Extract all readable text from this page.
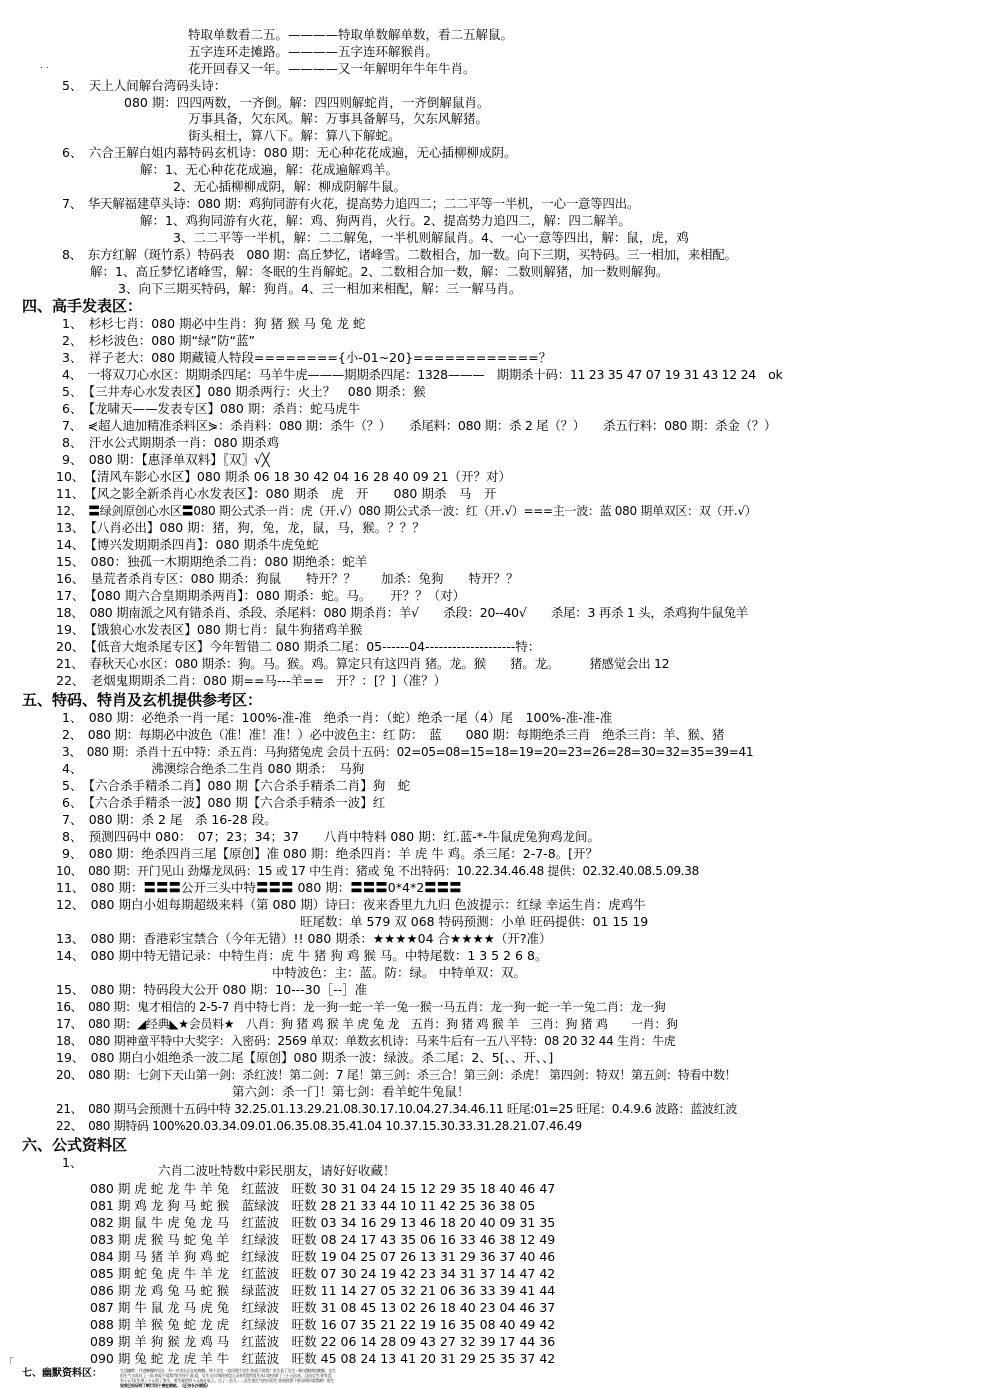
. .
特取单数看二五。————特取单数解单数，看二五解鼠。
五字连环走摊路。————五字连环解猴肖。
花开回春又一年。————又一年解明年牛年牛肖。
5、　天上人间解台湾码头诗：
080 期：四四两数，一齐倒。解：四四则解蛇肖，一齐倒解鼠肖。
万事具备，欠东风。解：万事具备解马，欠东风解猪。
街头相士，算八下。解：算八下解蛇。
6、　六合王解白姐内幕特码玄机诗：080 期：无心种花花成遍，无心插柳柳成阴。
解：1、无心种花花成遍，解：花成遍解鸡羊。
2、无心插柳柳成阴，解：柳成阴解牛鼠。
7、　华天解福建草头诗：080 期：鸡狗同游有火花，提高势力追四二；二二平等一半机，一心一意等四出。
解：1、鸡狗同游有火花，解：鸡、狗两肖，火行。2、提高势力追四二，解：四二解羊。
3、二二平等一半机，解：二二解兔，一半机则解鼠肖。4、一心一意等四出，解：鼠，虎，鸡
8、　东方红解（斑竹系）特码表　080 期：高丘梦忆，诸峰雪。二数相合，加一数。向下三期，买特码。三一相加，来相配。
解：1、高丘梦忆诸峰雪，解：冬眠的生肖解蛇。2、二数相合加一数，解：二数则解猪，加一数则解狗。
3、向下三期买特码，解：狗肖。4、三一相加来相配，解：三一解马肖。
四、高手发表区：
1、　杉杉七肖：080 期必中生肖：狗 猪 猴 马 兔 龙 蛇
2、　杉杉波色：080 期“绿”防“蓝”
3、　祥子老大：080 期藏镜人特段========{小-01~20}============？
4、　一将双刀心水区：期期杀四尾：马羊牛虎———期期杀四尾：1328———　期期杀十码：11 23 35 47 07 19 31 43 12 24　ok
5、　【三井寿心水发表区】080 期杀两行：火土？　080 期杀：猴
6、　【龙啸天——发表专区】080 期：杀肖：蛇马虎牛
7、　⋞超人迪加精准杀料区⋟：杀肖料：080 期：杀牛（？）　　杀尾料：080 期：杀 2 尾（？）　　杀五行料：080 期：杀金（？）
8、　汗水公式期期杀一肖：080 期杀鸡
9、　080 期：【惠泽单双料】〖双〗√╳
10、　【清风车影心水区】080 期杀 06 18 30 42 04 16 28 40 09 21（开？对）
11、　【风之影全新杀肖心水发表区】：080 期杀　虎　开　　080 期杀　马　开
12、　〓绿剑原创心水区〓080 期公式杀一肖：虎（开.√）080 期公式杀一波：红（开.√）===主一波：蓝 080 期单双区：双（开.√）
13、　【八肖必出】080 期：猪，狗，兔，龙，鼠，马，猴。？？？
14、　【博兴发期期杀四肖】：080 期杀牛虎兔蛇
15、　080：独孤一木期期绝杀二肖：080 期绝杀：蛇羊
16、　垦荒者杀肖专区：080 期杀：狗鼠　　特开？？　　加杀：兔狗　　特开？？
17、　【080 期六合皇期期杀两肖】：080 期杀：蛇。马。　　开？？（对）
18、　080 期南派之风有错杀肖、杀段、杀尾料：080 期杀肖：羊√　　杀段：20--40√　　杀尾：3 再杀 1 头，杀鸡狗牛鼠兔羊
19、　【饿狼心水发表区】080 期七肖：鼠牛狗猪鸡羊猴
20、　【低音大炮杀尾专区】今年暂错二 080 期杀二尾：05------04--------------------特：
21、　春秋天心水区：080 期杀：狗。马。猴。鸡。算定只有这四肖 猪。龙。猴　　猪。龙。　　　猪感觉会出 12
22、　老烟鬼期期杀二肖：080 期==马---羊==　开？：[？]（准？）
五、特码、特肖及玄机提供参考区：
1、　080 期：必绝杀一肖一尾：100%-准-准　绝杀一肖：（蛇）绝杀一尾（4）尾　100%-准-准-准
2、　080 期：每期必中波色（准！准！准！）必中波色主：红 防：　蓝　　080 期：每期绝杀三肖　绝杀三肖：羊、猴、猪
3、　080 期：杀肖十五中特：杀五肖：马狗猪兔虎 会员十五码：02=05=08=15=18=19=20=23=26=28=30=32=35=39=41
4、　　　　　　沸澳综合绝杀二生肖 080 期杀：　马狗
5、　【六合杀手精杀二肖】080 期【六合杀手精杀二肖】狗　蛇
6、　【六合杀手精杀一波】080 期【六合杀手精杀一波】红
7、　080 期：杀 2 尾　杀 16-28 段。
8、　预测四码中 080：　07；23；34；37　　八肖中特料 080 期：红.蓝-*-牛鼠虎兔狗鸡龙间。
9、　080 期：绝杀四肖三尾【原创】准 080 期：绝杀四肖：羊 虎 牛 鸡。杀三尾：2-7-8。[开？
10、　080 期：开门见山 劲爆龙凤码：15 或 17 中生肖：猪或 兔 不出特码：10.22.34.46.48 提供：02.32.40.08.5.09.38
11、　080 期：〓〓〓公开三头中特〓〓〓 080 期：〓〓〓0*4*2〓〓〓
12、　080 期白小姐每期超级来料（第 080 期）诗曰：夜来香里九九归 色波提示：红绿 幸运生肖：虎鸡牛
旺尾数：单 579 双 068 特码预测：小单 旺码提供：01 15 19
13、　080 期：香港彩宝禁合（今年无错）!! 080 期杀：★★★★04 合★★★★（开?准）
14、　080 期中特无错记录：中特生肖：虎 牛 猪 狗 鸡 猴 马。中特尾数：1 3 5 2 6 8。
中特波色：主：蓝。防：绿。 中特单双：双。
15、　080 期：特码段大公开 080 期：10---30［--］准
16、　080 期：鬼才相信的 2-5-7 肖中特七肖：龙一狗一蛇一羊一兔一猴一马五肖：龙一狗一蛇一羊一兔二肖：龙一狗
17、　080 期：◢经典◣★会员料★　八肖：狗 猪 鸡 猴 羊 虎 兔 龙　五肖：狗 猪 鸡 猴 羊　三肖：狗 猪 鸡　　一肖：狗
18、　080 期神童平特中大奖字：入密码：2569 单双：单数玄机诗：马来牛后有一五八平特：08 20 32 44 生肖：牛虎
19、　080 期白小姐绝杀一波二尾【原创】080 期杀一波：绿波。杀二尾：2、5[、、开、、]
20、　080 期：七剑下天山第一剑：杀红波！第二剑：7 尾！第三剑：杀三合！第三剑：杀虎！ 第四剑：特双！第五剑：特看中数！
第六剑：杀一门！第七剑：看羊蛇牛兔鼠！
21、　080 期马会预测十五码中特 32.25.01.13.29.21.08.30.17.10.04.27.34.46.11 旺尾:01=25 旺尾：0.4.9.6 波路：蓝波红波
22、　080 期特码 100%20.03.34.09.01.06.35.08.35.41.04 10.37.15.30.33.31.28.21.07.46.49
六、公式资料区
1、
六肖二波吐特数中彩民朋友，请好好收藏！
080 期 虎 蛇 龙 牛 羊 兔　红蓝波　旺数 30 31 04 24 15 12 29 35 18 40 46 47
081 期 鸡 龙 狗 马 蛇 猴　蓝绿波　旺数 28 21 33 44 10 11 42 25 36 38 05
082 期 鼠 牛 虎 兔 龙 马　红蓝波　旺数 03 34 16 29 13 46 18 20 40 09 31 35
083 期 虎 猴 马 蛇 兔 羊　红绿波　旺数 08 24 17 43 35 06 16 33 46 38 12 49
084 期 马 猪 羊 狗 鸡 蛇　红绿波　旺数 19 04 25 07 26 13 31 29 36 37 40 46
085 期 蛇 兔 虎 牛 羊 龙　红蓝波　旺数 07 30 24 19 42 23 34 31 37 14 47 42
086 期 龙 鸡 兔 马 蛇 猴　绿蓝波　旺数 11 14 27 05 32 21 06 36 33 39 41 44
087 期 牛 鼠 龙 马 虎 兔　红绿波　旺数 31 08 45 13 02 26 18 40 23 04 46 37
088 期 羊 猴 兔 蛇 龙 虎　红绿波　旺数 16 07 35 21 22 19 16 35 08 40 49 42
089 期 羊 狗 猴 龙 鸡 马　红蓝波　旺数 22 06 14 28 09 43 27 32 39 17 44 36
090 期 兔 蛇 龙 虎 羊 牛　红蓝波　旺数 45 08 24 13 41 20 31 29 25 35 37 42
七、幽默资料区：
「
生活幽默：共进晚餐的男女　有一对男女正在吃晚餐。那个女生一直问那个男生:你爱不爱我？男生看了女生一眼又继续吃晚餐。女生
很生气又再问了一次:你爱不爱我?男生终于说:爱。女生又问:那你要怎么证明?忽然男生从口袋里拿了三十元出来，且问女生:你有没
有十元?女生拿了十元给了男生。男生就把四十元放在桌上。过了一会儿……女生很生气的问男生:你到底要不要证明你爱我啊？男生
说我已经证明了啊!!!四十摆在眼前。《正宗长沙原版》
